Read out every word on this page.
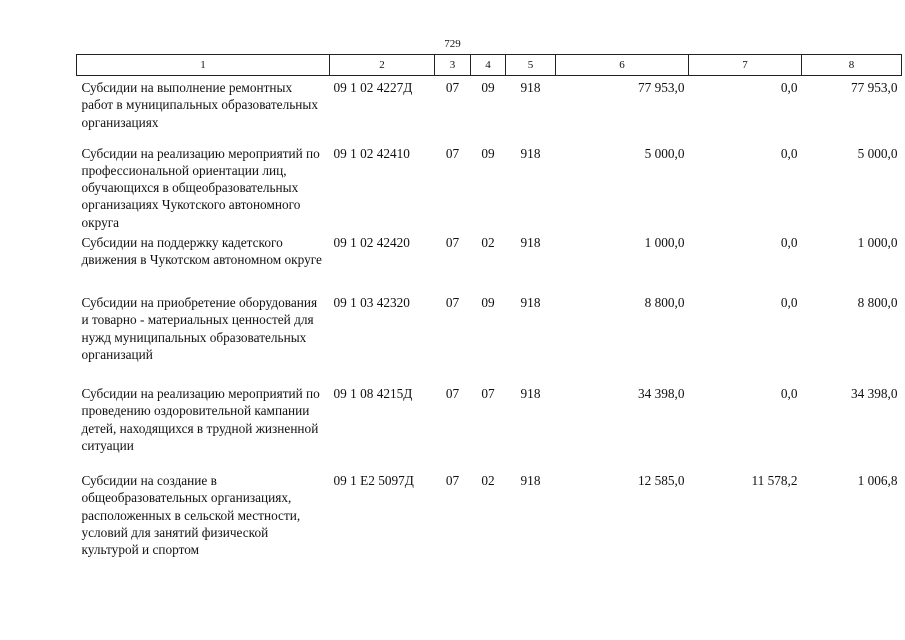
729
1	2	3	4	5	6	7	8
Субсидии на выполнение ремонтных работ в муниципальных образовательных организациях	09 1 02 4227Д	07	09	918	77 953,0	0,0	77 953,0
Субсидии на реализацию мероприятий по профессиональной ориентации лиц, обучающихся в общеобразовательных организациях Чукотского автономного округа	09 1 02 42410	07	09	918	5 000,0	0,0	5 000,0
Субсидии на поддержку кадетского движения в Чукотском автономном округе	09 1 02 42420	07	02	918	1 000,0	0,0	1 000,0
Субсидии на приобретение оборудования и товарно - материальных ценностей для нужд муниципальных образовательных организаций	09 1 03 42320	07	09	918	8 800,0	0,0	8 800,0
Субсидии на реализацию мероприятий по проведению оздоровительной кампании детей, находящихся в трудной жизненной ситуации	09 1 08 4215Д	07	07	918	34 398,0	0,0	34 398,0
Субсидии на создание в общеобразовательных организациях, расположенных в сельской местности, условий для занятий физической культурой и спортом	09 1 E2 5097Д	07	02	918	12 585,0	11 578,2	1 006,8
